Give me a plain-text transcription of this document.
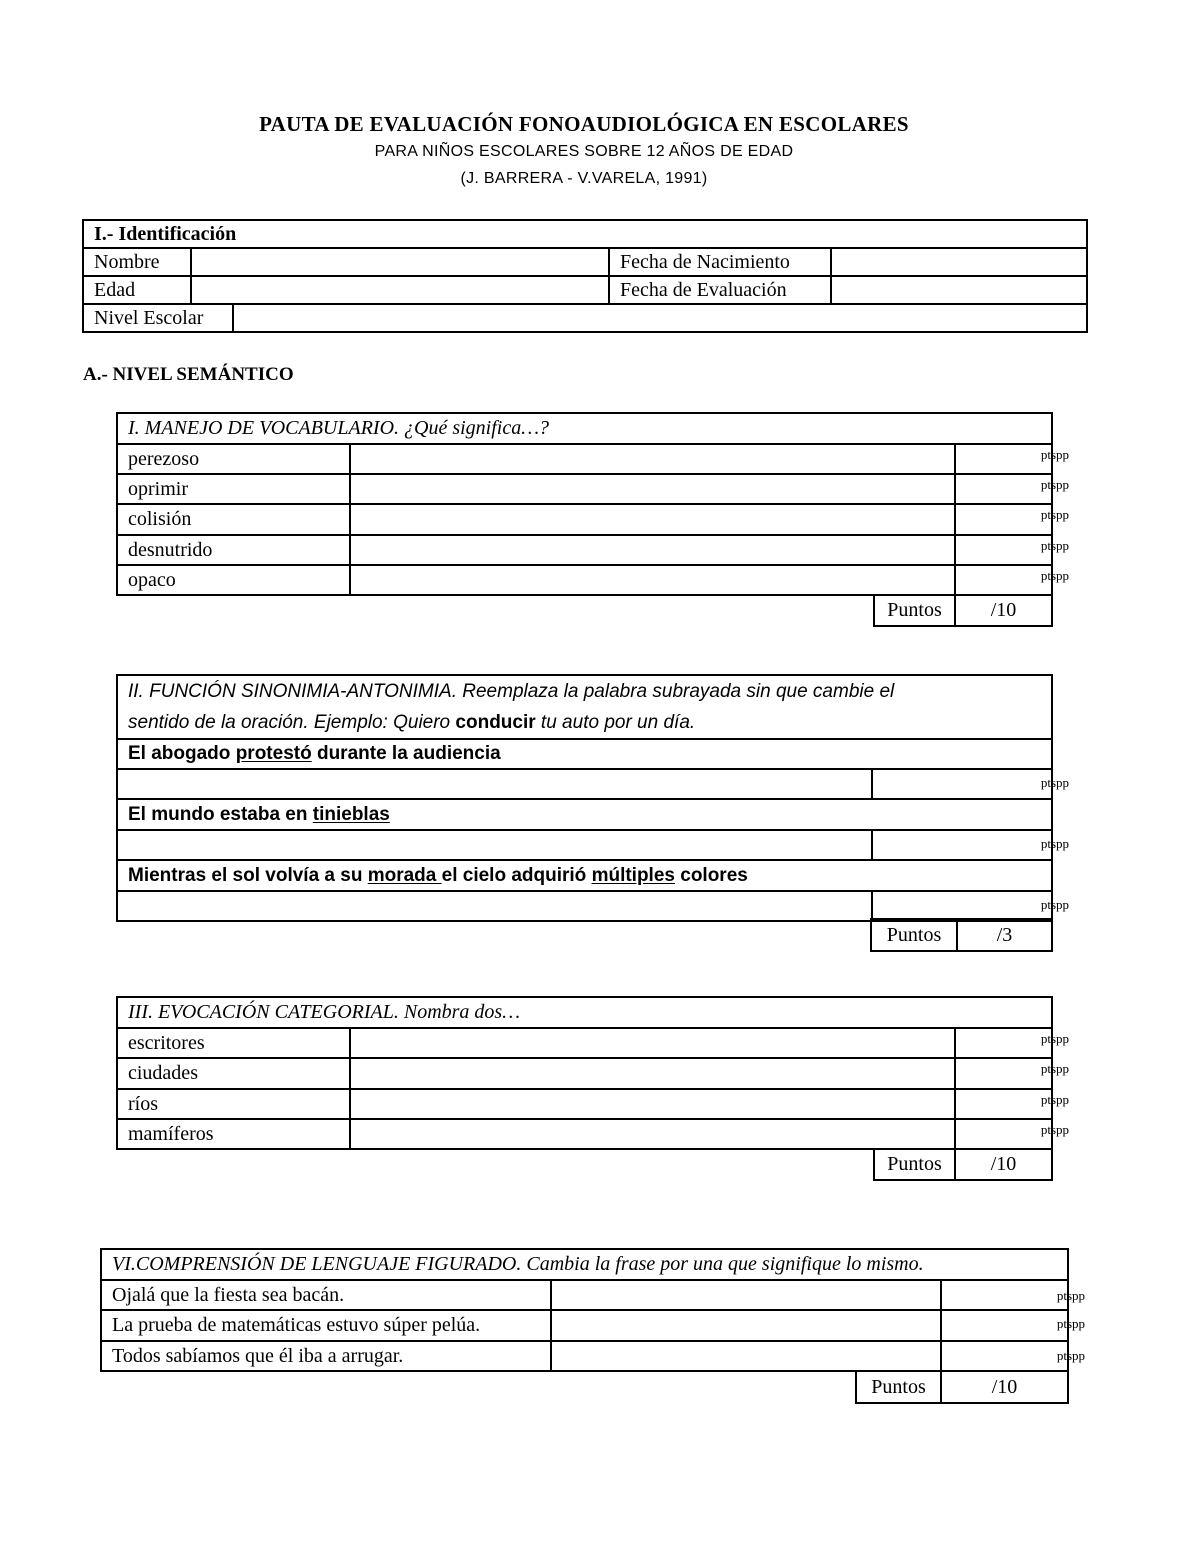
PAUTA DE EVALUACIÓN FONOAUDIOLÓGICA EN ESCOLARES
PARA NIÑOS ESCOLARES SOBRE 12 AÑOS DE EDAD
(J. BARRERA - V.VARELA, 1991)
I.- Identificación				
Nombre			Fecha de Nacimiento	
Edad			Fecha de Evaluación	
Nivel Escolar				
A.- NIVEL SEMÁNTICO
I. MANEJO DE VOCABULARIO. ¿Qué significa…?			
perezoso			ptspp

oprimir			ptspp

colisión			ptspp

desnutrido			ptspp

opaco			ptspp

		Puntos	/10
II. FUNCIÓN SINONIMIA-ANTONIMIA. Reemplaza la palabra subrayada sin que cambie el
sentido de la oración. Ejemplo: Quiero conducir tu auto por un día.	
El abogado protestó durante la audiencia	

	ptspp

El mundo estaba en tinieblas	

	ptspp

Mientras el sol volvía a su morada el cielo adquirió múltiples colores	

	ptspp
Puntos	/3
III. EVOCACIÓN CATEGORIAL. Nombra dos…			
escritores			ptspp

ciudades			ptspp

ríos			ptspp

mamíferos			ptspp

		Puntos	/10
VI.COMPRENSIÓN DE LENGUAJE FIGURADO. Cambia la frase por una que signifique lo mismo.			
Ojalá que la fiesta sea bacán.			ptspp

La prueba de matemáticas estuvo súper pelúa.			ptspp

Todos sabíamos que él iba a arrugar.			ptspp

		Puntos	/10
